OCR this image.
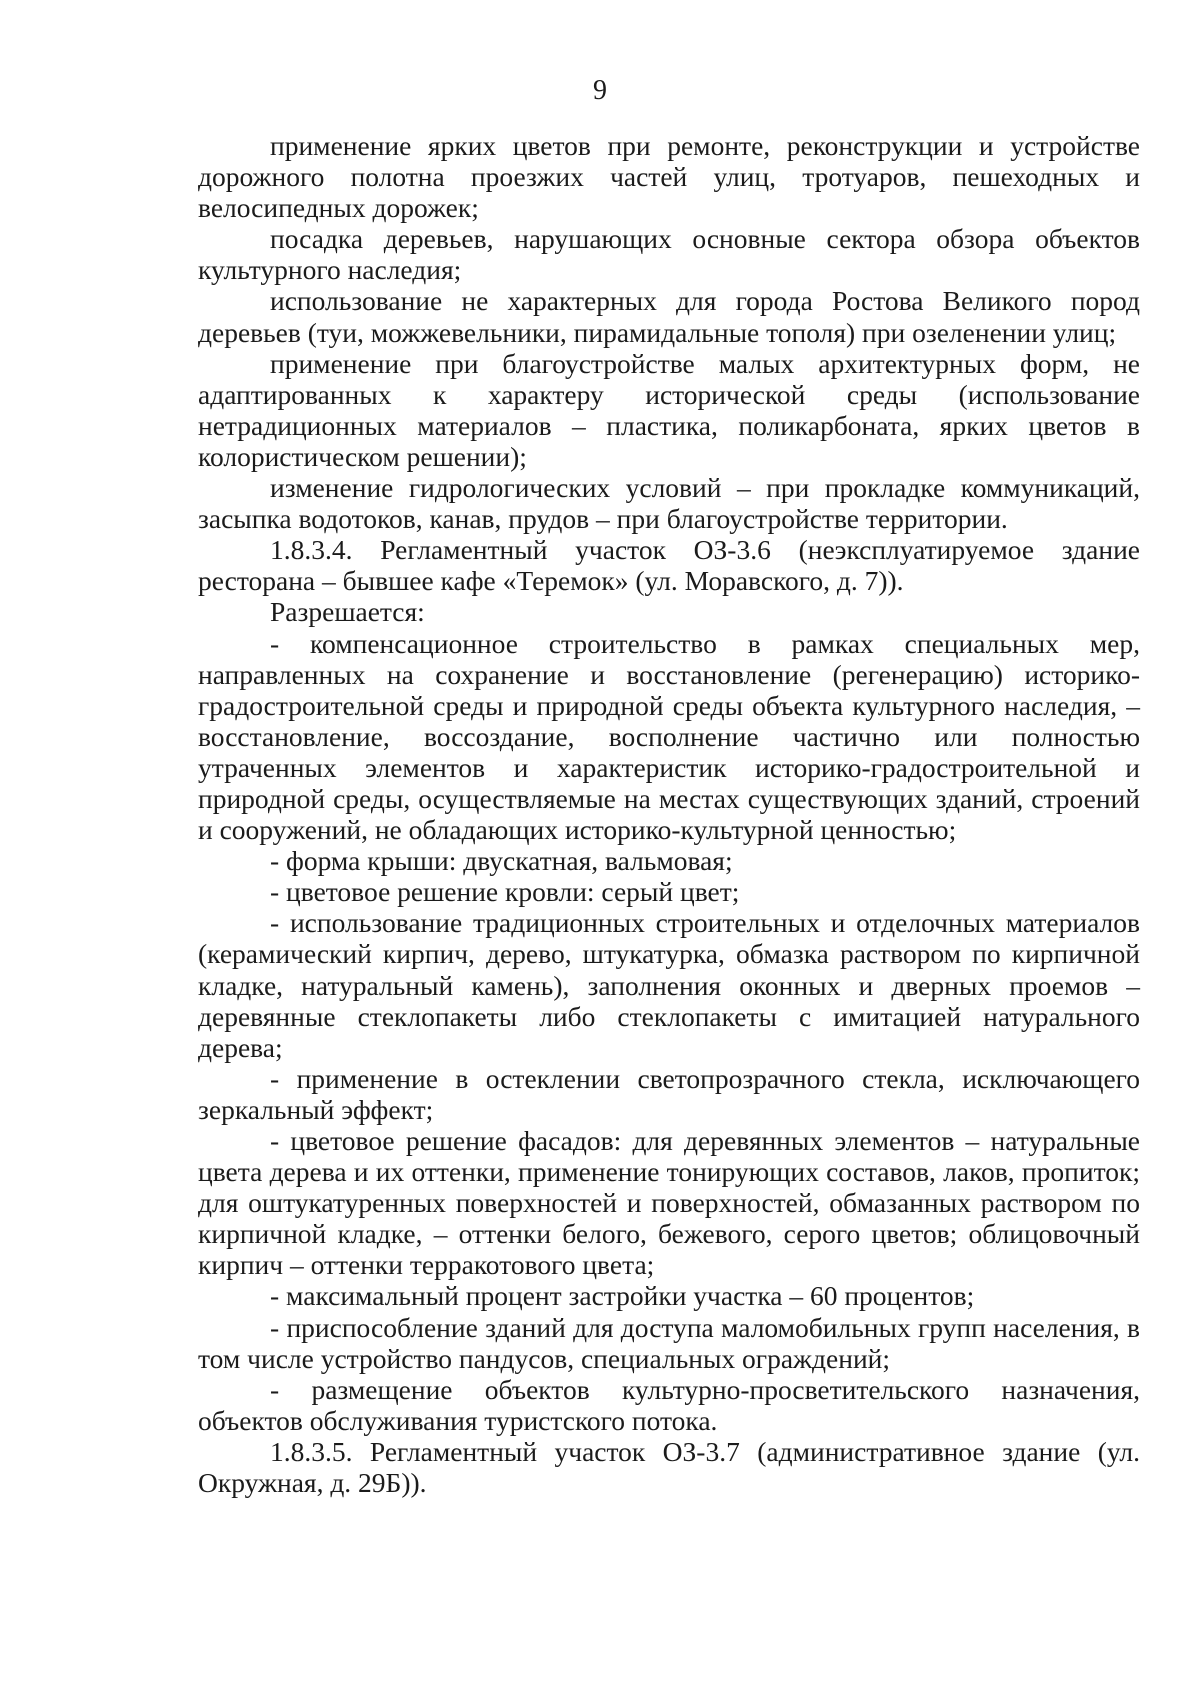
9

применение ярких цветов при ремонте, реконструкции и устройстве дорожного полотна проезжих частей улиц, тротуаров, пешеходных и велосипедных дорожек;

посадка деревьев, нарушающих основные сектора обзора объектов культурного наследия;

использование не характерных для города Ростова Великого пород деревьев (туи, можжевельники, пирамидальные тополя) при озеленении улиц;

применение при благоустройстве малых архитектурных форм, не адаптированных к характеру исторической среды (использование нетрадиционных материалов – пластика, поликарбоната, ярких цветов в колористическом решении);

изменение гидрологических условий – при прокладке коммуникаций, засыпка водотоков, канав, прудов – при благоустройстве территории.

1.8.3.4. Регламентный участок ОЗ-3.6 (неэксплуатируемое здание ресторана – бывшее кафе «Теремок» (ул. Моравского, д. 7)).

Разрешается:

- компенсационное строительство в рамках специальных мер, направленных на сохранение и восстановление (регенерацию) историко-градостроительной среды и природной среды объекта культурного наследия, – восстановление, воссоздание, восполнение частично или полностью утраченных элементов и характеристик историко-градостроительной и природной среды, осуществляемые на местах существующих зданий, строений и сооружений, не обладающих историко-культурной ценностью;

- форма крыши: двускатная, вальмовая;

- цветовое решение кровли: серый цвет;

- использование традиционных строительных и отделочных материалов (керамический кирпич, дерево, штукатурка, обмазка раствором по кирпичной кладке, натуральный камень), заполнения оконных и дверных проемов – деревянные стеклопакеты либо стеклопакеты с имитацией натурального дерева;

- применение в остеклении светопрозрачного стекла, исключающего зеркальный эффект;

- цветовое решение фасадов: для деревянных элементов – натуральные цвета дерева и их оттенки, применение тонирующих составов, лаков, пропиток; для оштукатуренных поверхностей и поверхностей, обмазанных раствором по кирпичной кладке, – оттенки белого, бежевого, серого цветов; облицовочный кирпич – оттенки терракотового цвета;

- максимальный процент застройки участка – 60 процентов;

- приспособление зданий для доступа маломобильных групп населения, в том числе устройство пандусов, специальных ограждений;

- размещение объектов культурно-просветительского назначения, объектов обслуживания туристского потока.

1.8.3.5. Регламентный участок ОЗ-3.7 (административное здание (ул. Окружная, д. 29Б)).
